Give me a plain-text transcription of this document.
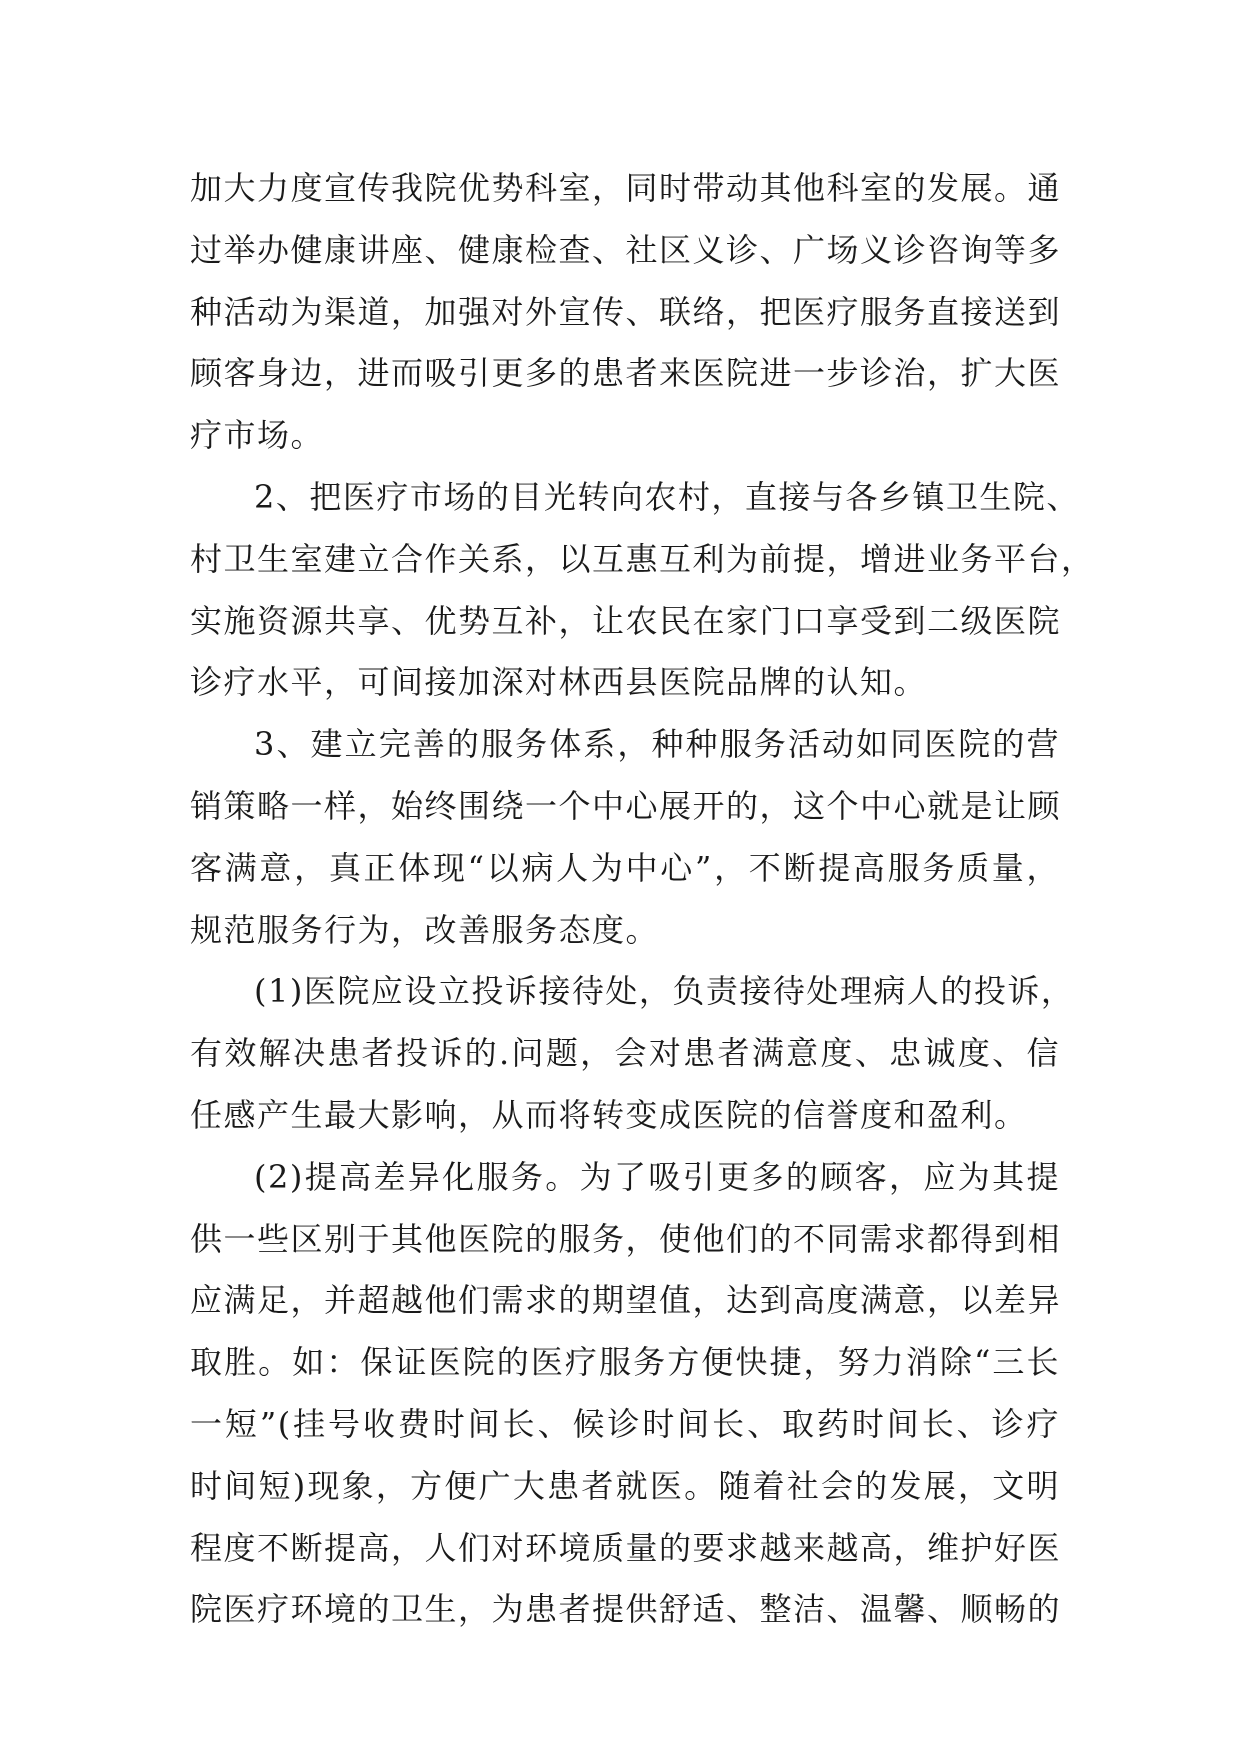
加大力度宣传我院优势科室，同时带动其他科室的发展。通
过举办健康讲座、健康检查、社区义诊、广场义诊咨询等多
种活动为渠道，加强对外宣传、联络，把医疗服务直接送到
顾客身边，进而吸引更多的患者来医院进一步诊治，扩大医
疗市场。
2、把医疗市场的目光转向农村，直接与各乡镇卫生院、
村卫生室建立合作关系，以互惠互利为前提，增进业务平台，
实施资源共享、优势互补，让农民在家门口享受到二级医院
诊疗水平，可间接加深对林西县医院品牌的认知。
3、建立完善的服务体系，种种服务活动如同医院的营
销策略一样，始终围绕一个中心展开的，这个中心就是让顾
客满意，真正体现“以病人为中心”，不断提高服务质量，
规范服务行为，改善服务态度。
(1)医院应设立投诉接待处，负责接待处理病人的投诉，
有效解决患者投诉的.问题，会对患者满意度、忠诚度、信
任感产生最大影响，从而将转变成医院的信誉度和盈利。
(2)提高差异化服务。为了吸引更多的顾客，应为其提
供一些区别于其他医院的服务，使他们的不同需求都得到相
应满足，并超越他们需求的期望值，达到高度满意，以差异
取胜。如：保证医院的医疗服务方便快捷，努力消除“三长
一短”(挂号收费时间长、候诊时间长、取药时间长、诊疗
时间短)现象，方便广大患者就医。随着社会的发展，文明
程度不断提高，人们对环境质量的要求越来越高，维护好医
院医疗环境的卫生，为患者提供舒适、整洁、温馨、顺畅的
